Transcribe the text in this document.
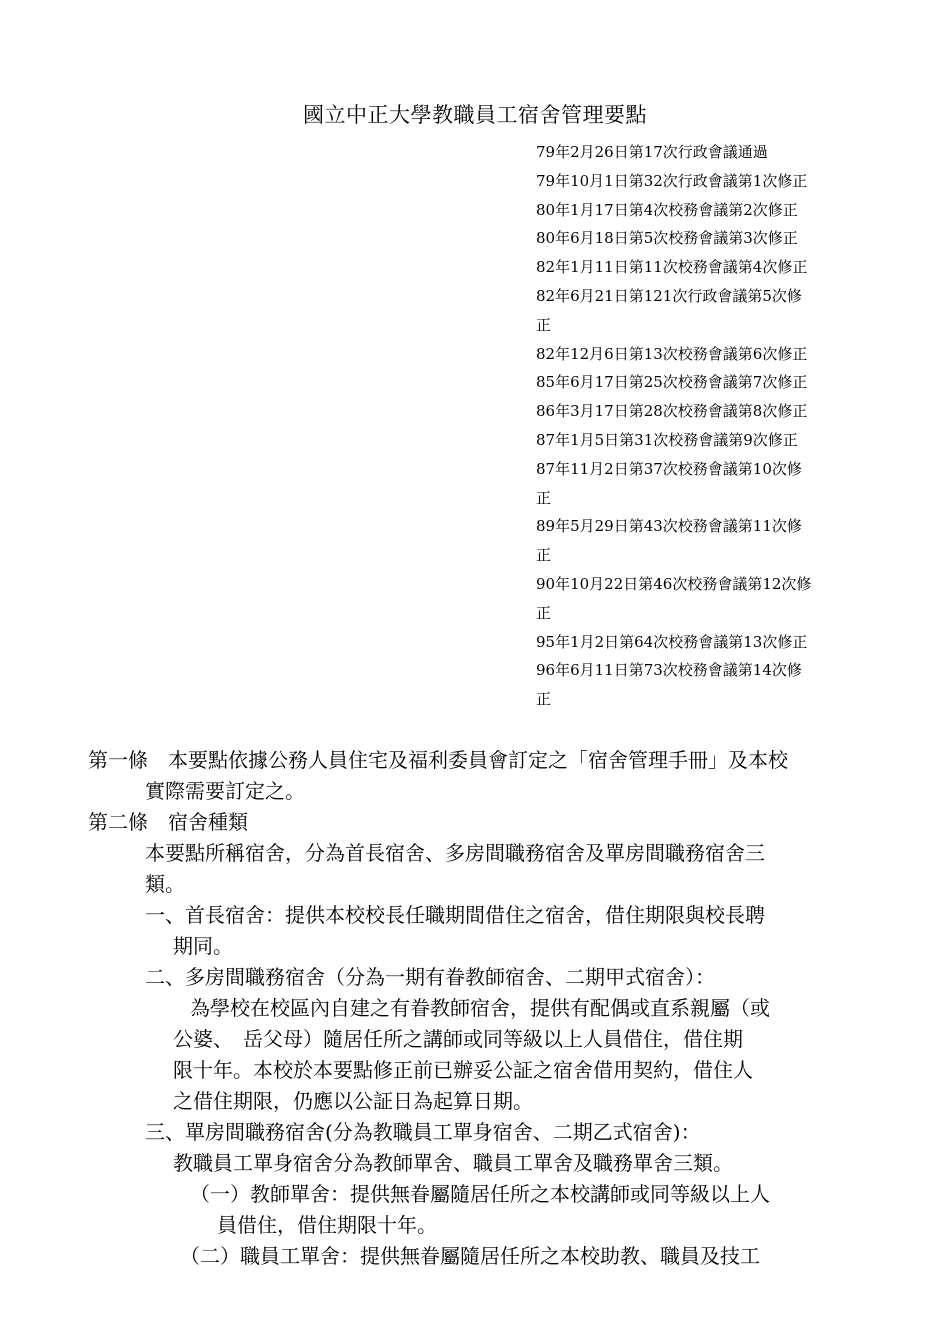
國立中正大學教職員工宿舍管理要點
79年2月26日第17次行政會議通過
79年10月1日第32次行政會議第1次修正
80年1月17日第4次校務會議第2次修正
80年6月18日第5次校務會議第3次修正
82年1月11日第11次校務會議第4次修正
82年6月21日第121次行政會議第5次修
正
82年12月6日第13次校務會議第6次修正
85年6月17日第25次校務會議第7次修正
86年3月17日第28次校務會議第8次修正
87年1月5日第31次校務會議第9次修正
87年11月2日第37次校務會議第10次修
正
89年5月29日第43次校務會議第11次修
正
90年10月22日第46次校務會議第12次修
正
95年1月2日第64次校務會議第13次修正
96年6月11日第73次校務會議第14次修
正
第一條　本要點依據公務人員住宅及福利委員會訂定之「宿舍管理手冊」及本校
實際需要訂定之。
第二條　宿舍種類
本要點所稱宿舍，分為首長宿舍、多房間職務宿舍及單房間職務宿舍三
類。
一、首長宿舍：提供本校校長任職期間借住之宿舍，借住期限與校長聘
期同。
二、多房間職務宿舍（分為一期有眷教師宿舍、二期甲式宿舍）：
為學校在校區內自建之有眷教師宿舍，提供有配偶或直系親屬（或
公婆、　岳父母）隨居任所之講師或同等級以上人員借住，借住期
限十年。本校於本要點修正前已辦妥公証之宿舍借用契約，借住人
之借住期限，仍應以公証日為起算日期。
三、單房間職務宿舍(分為教職員工單身宿舍、二期乙式宿舍)：
教職員工單身宿舍分為教師單舍、職員工單舍及職務單舍三類。
（一）教師單舍：提供無眷屬隨居任所之本校講師或同等級以上人
員借住，借住期限十年。
（二）職員工單舍：提供無眷屬隨居任所之本校助教、職員及技工
